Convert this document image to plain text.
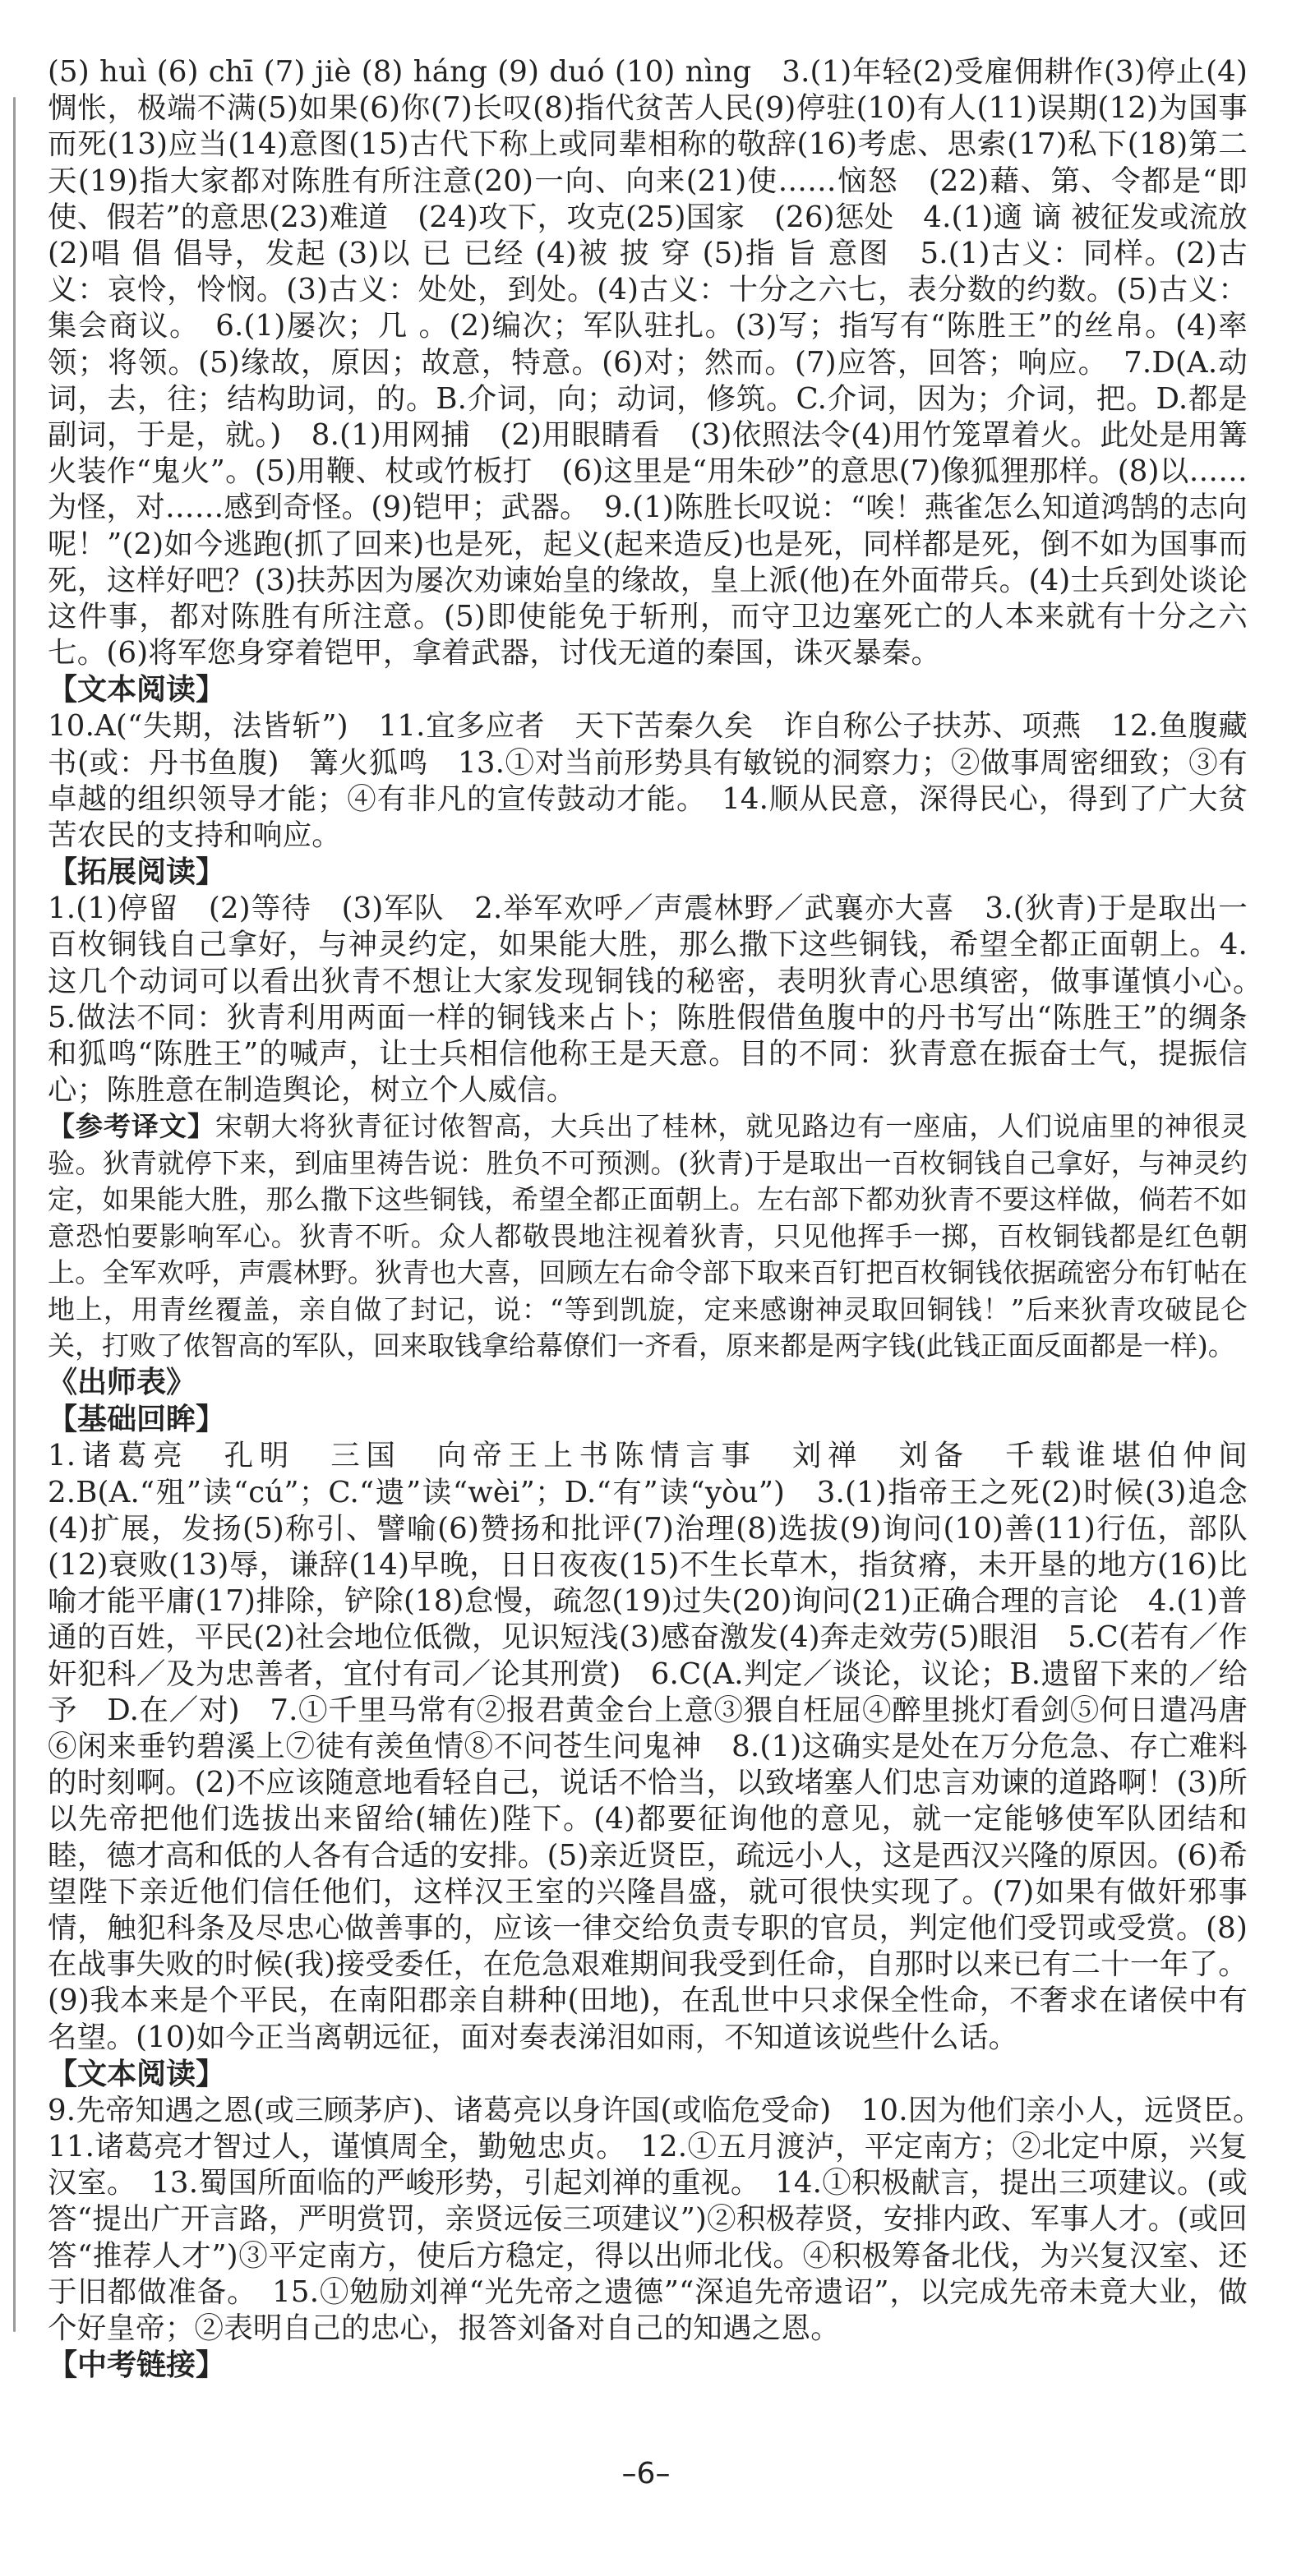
(5) huì (6) chī (7) jiè (8) háng (9) duó (10) nìng　3.(1)年轻(2)受雇佣耕作(3)停止(4)惆怅，极端不满(5)如果(6)你(7)长叹(8)指代贫苦人民(9)停驻(10)有人(11)误期(12)为国事而死(13)应当(14)意图(15)古代下称上或同辈相称的敬辞(16)考虑、思索(17)私下(18)第二天(19)指大家都对陈胜有所注意(20)一向、向来(21)使……恼怒　(22)藉、第、令都是“即使、假若”的意思(23)难道　(24)攻下，攻克(25)国家　(26)惩处　4.(1)適 谪 被征发或流放 (2)唱 倡 倡导，发起 (3)以 已 已经 (4)被 披 穿 (5)指 旨 意图　5.(1)古义：同样。(2)古义：哀怜，怜悯。(3)古义：处处，到处。(4)古义：十分之六七，表分数的约数。(5)古义：集会商议。　6.(1)屡次；几 。(2)编次；军队驻扎。(3)写；指写有“陈胜王”的丝帛。(4)率领；将领。(5)缘故，原因；故意，特意。(6)对；然而。(7)应答，回答；响应。　7.D(A.动词，去，往；结构助词，的。B.介词，向；动词，修筑。C.介词，因为；介词，把。D.都是副词，于是，就。)　8.(1)用网捕　(2)用眼睛看　(3)依照法令(4)用竹笼罩着火。此处是用篝火装作“鬼火”。(5)用鞭、杖或竹板打　(6)这里是“用朱砂”的意思(7)像狐狸那样。(8)以……为怪，对……感到奇怪。(9)铠甲；武器。　9.(1)陈胜长叹说：“唉！燕雀怎么知道鸿鹄的志向呢！”(2)如今逃跑(抓了回来)也是死，起义(起来造反)也是死，同样都是死，倒不如为国事而死，这样好吧？(3)扶苏因为屡次劝谏始皇的缘故，皇上派(他)在外面带兵。(4)士兵到处谈论这件事，都对陈胜有所注意。(5)即使能免于斩刑，而守卫边塞死亡的人本来就有十分之六七。(6)将军您身穿着铠甲，拿着武器，讨伐无道的秦国，诛灭暴秦。

【文本阅读】

10.A(“失期，法皆斩”)　11.宜多应者　天下苦秦久矣　诈自称公子扶苏、项燕　12.鱼腹藏书(或：丹书鱼腹)　篝火狐鸣　13.①对当前形势具有敏锐的洞察力；②做事周密细致；③有卓越的组织领导才能；④有非凡的宣传鼓动才能。　14.顺从民意，深得民心，得到了广大贫苦农民的支持和响应。

【拓展阅读】

1.(1)停留　(2)等待　(3)军队　2.举军欢呼／声震林野／武襄亦大喜　3.(狄青)于是取出一百枚铜钱自己拿好，与神灵约定，如果能大胜，那么撒下这些铜钱，希望全都正面朝上。4.这几个动词可以看出狄青不想让大家发现铜钱的秘密，表明狄青心思缜密，做事谨慎小心。　5.做法不同：狄青利用两面一样的铜钱来占卜；陈胜假借鱼腹中的丹书写出“陈胜王”的绸条和狐鸣“陈胜王”的喊声，让士兵相信他称王是天意。目的不同：狄青意在振奋士气，提振信心；陈胜意在制造舆论，树立个人威信。

【参考译文】宋朝大将狄青征讨侬智高，大兵出了桂林，就见路边有一座庙，人们说庙里的神很灵验。狄青就停下来，到庙里祷告说：胜负不可预测。(狄青)于是取出一百枚铜钱自己拿好，与神灵约定，如果能大胜，那么撒下这些铜钱，希望全都正面朝上。左右部下都劝狄青不要这样做，倘若不如意恐怕要影响军心。狄青不听。众人都敬畏地注视着狄青，只见他挥手一掷，百枚铜钱都是红色朝上。全军欢呼，声震林野。狄青也大喜，回顾左右命令部下取来百钉把百枚铜钱依据疏密分布钉帖在地上，用青丝覆盖，亲自做了封记，说：“等到凯旋，定来感谢神灵取回铜钱！”后来狄青攻破昆仑关，打败了侬智高的军队，回来取钱拿给幕僚们一齐看，原来都是两字钱(此钱正面反面都是一样)。

《出师表》

【基础回眸】

1.诸葛亮　孔明　三国　向帝王上书陈情言事　刘禅　刘备　千载谁堪伯仲间　2.B(A.“殂”读“cú”；C.“遗”读“wèi”；D.“有”读“yòu”)　3.(1)指帝王之死(2)时候(3)追念(4)扩展，发扬(5)称引、譬喻(6)赞扬和批评(7)治理(8)选拔(9)询问(10)善(11)行伍，部队(12)衰败(13)辱，谦辞(14)早晚，日日夜夜(15)不生长草木，指贫瘠，未开垦的地方(16)比喻才能平庸(17)排除，铲除(18)怠慢，疏忽(19)过失(20)询问(21)正确合理的言论　4.(1)普通的百姓，平民(2)社会地位低微，见识短浅(3)感奋激发(4)奔走效劳(5)眼泪　5.C(若有／作奸犯科／及为忠善者，宜付有司／论其刑赏)　6.C(A.判定／谈论，议论；B.遗留下来的／给予　D.在／对)　7.①千里马常有②报君黄金台上意③猥自枉屈④醉里挑灯看剑⑤何日遣冯唐⑥闲来垂钓碧溪上⑦徒有羡鱼情⑧不问苍生问鬼神　8.(1)这确实是处在万分危急、存亡难料的时刻啊。(2)不应该随意地看轻自己，说话不恰当，以致堵塞人们忠言劝谏的道路啊！(3)所以先帝把他们选拔出来留给(辅佐)陛下。(4)都要征询他的意见，就一定能够使军队团结和睦，德才高和低的人各有合适的安排。(5)亲近贤臣，疏远小人，这是西汉兴隆的原因。(6)希望陛下亲近他们信任他们，这样汉王室的兴隆昌盛，就可很快实现了。(7)如果有做奸邪事情，触犯科条及尽忠心做善事的，应该一律交给负责专职的官员，判定他们受罚或受赏。(8)在战事失败的时候(我)接受委任，在危急艰难期间我受到任命，自那时以来已有二十一年了。(9)我本来是个平民，在南阳郡亲自耕种(田地)，在乱世中只求保全性命，不奢求在诸侯中有名望。(10)如今正当离朝远征，面对奏表涕泪如雨，不知道该说些什么话。

【文本阅读】

9.先帝知遇之恩(或三顾茅庐)、诸葛亮以身许国(或临危受命)　10.因为他们亲小人，远贤臣。　11.诸葛亮才智过人，谨慎周全，勤勉忠贞。　12.①五月渡泸，平定南方；②北定中原，兴复汉室。　13.蜀国所面临的严峻形势，引起刘禅的重视。　14.①积极献言，提出三项建议。(或答“提出广开言路，严明赏罚，亲贤远佞三项建议”)②积极荐贤，安排内政、军事人才。(或回答“推荐人才”)③平定南方，使后方稳定，得以出师北伐。④积极筹备北伐，为兴复汉室、还于旧都做准备。　15.①勉励刘禅“光先帝之遗德”“深追先帝遗诏”，以完成先帝未竟大业，做个好皇帝；②表明自己的忠心，报答刘备对自己的知遇之恩。

【中考链接】

–6–
